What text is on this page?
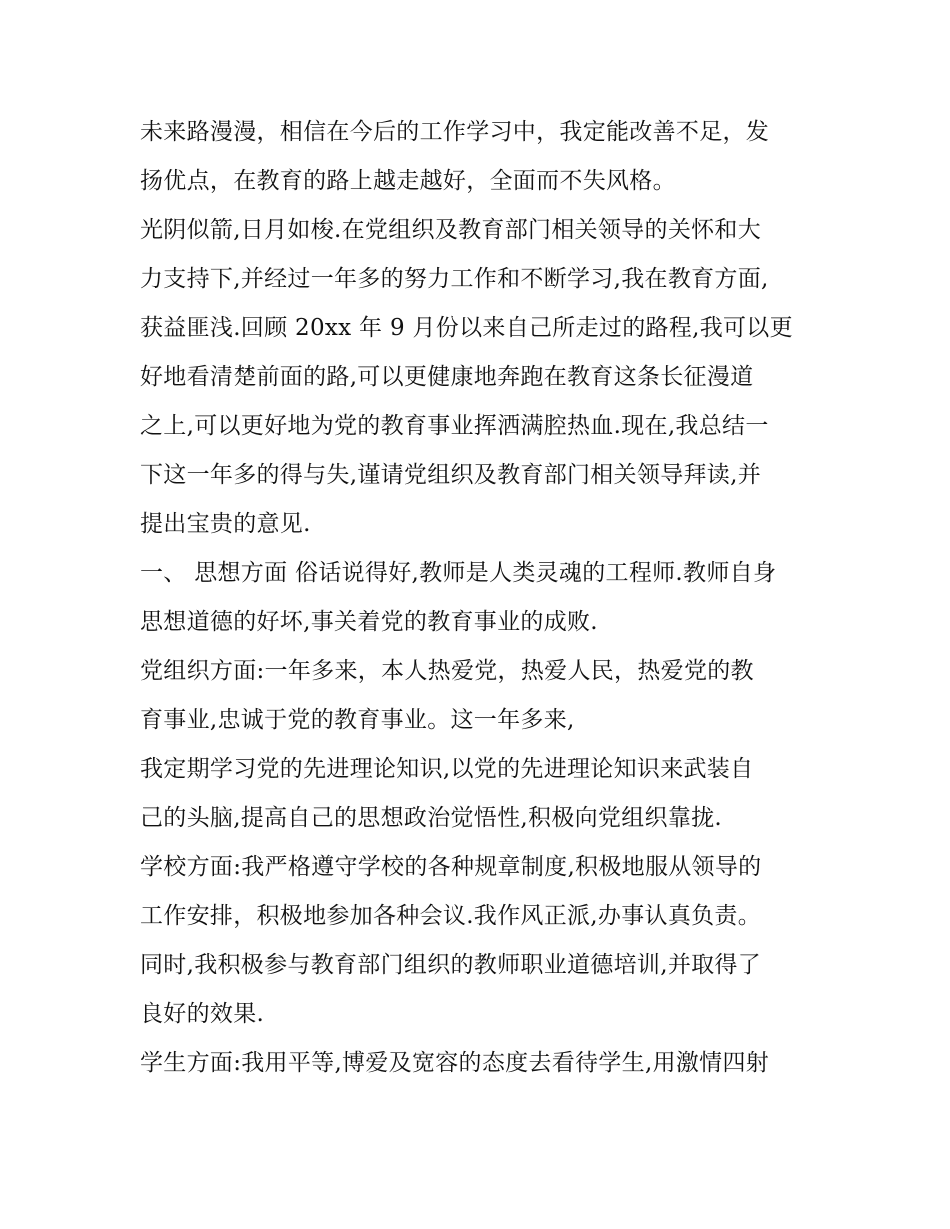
未来路漫漫，相信在今后的工作学习中，我定能改善不足，发
扬优点，在教育的路上越走越好，全面而不失风格。
光阴似箭,日月如梭.在党组织及教育部门相关领导的关怀和大
力支持下,并经过一年多的努力工作和不断学习,我在教育方面,
获益匪浅.回顾 20xx 年 9 月份以来自己所走过的路程,我可以更
好地看清楚前面的路,可以更健康地奔跑在教育这条长征漫道
之上,可以更好地为党的教育事业挥洒满腔热血.现在,我总结一
下这一年多的得与失,谨请党组织及教育部门相关领导拜读,并
提出宝贵的意见.
一、 思想方面 俗话说得好,教师是人类灵魂的工程师.教师自身
思想道德的好坏,事关着党的教育事业的成败.
党组织方面:一年多来，本人热爱党，热爱人民，热爱党的教
育事业,忠诚于党的教育事业。这一年多来,
我定期学习党的先进理论知识,以党的先进理论知识来武装自
己的头脑,提高自己的思想政治觉悟性,积极向党组织靠拢.
学校方面:我严格遵守学校的各种规章制度,积极地服从领导的
工作安排，积极地参加各种会议.我作风正派,办事认真负责。
同时,我积极参与教育部门组织的教师职业道德培训,并取得了
良好的效果.
学生方面:我用平等,博爱及宽容的态度去看待学生,用激情四射
